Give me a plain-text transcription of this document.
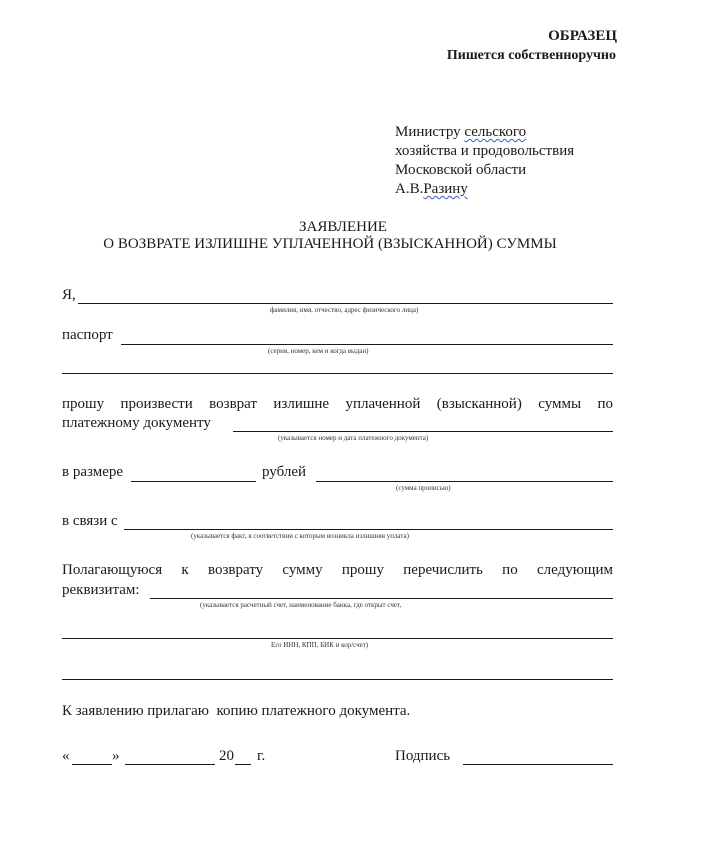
ОБРАЗЕЦ
Пишется собственноручно
Министру сельского
хозяйства и продовольствия
Московской области
А.В.Разину
ЗАЯВЛЕНИЕ
О ВОЗВРАТЕ ИЗЛИШНЕ УПЛАЧЕННОЙ (ВЗЫСКАННОЙ) СУММЫ
Я,
фамилия, имя, отчество, адрес физического лица)
паспорт
(серия, номер, кем и когда выдан)
прошу произвести возврат излишне уплаченной (взысканной) суммы по
платежному документу
(указывается номер и дата платежного документа)
в размере	рублей
(сумма прописью)
в связи с
(указывается факт, в соответствии с которым возникла излишняя уплата)
Полагающуюся к возврату сумму прошу перечислить по следующим
реквизитам:
(указывается расчетный счет, наименование банка, где открыт счет,
Его ИНН, КПП, БИК и кор/счет)
К заявлению прилагаю  копию платежного документа.
«	»	20 г.	Подпись
